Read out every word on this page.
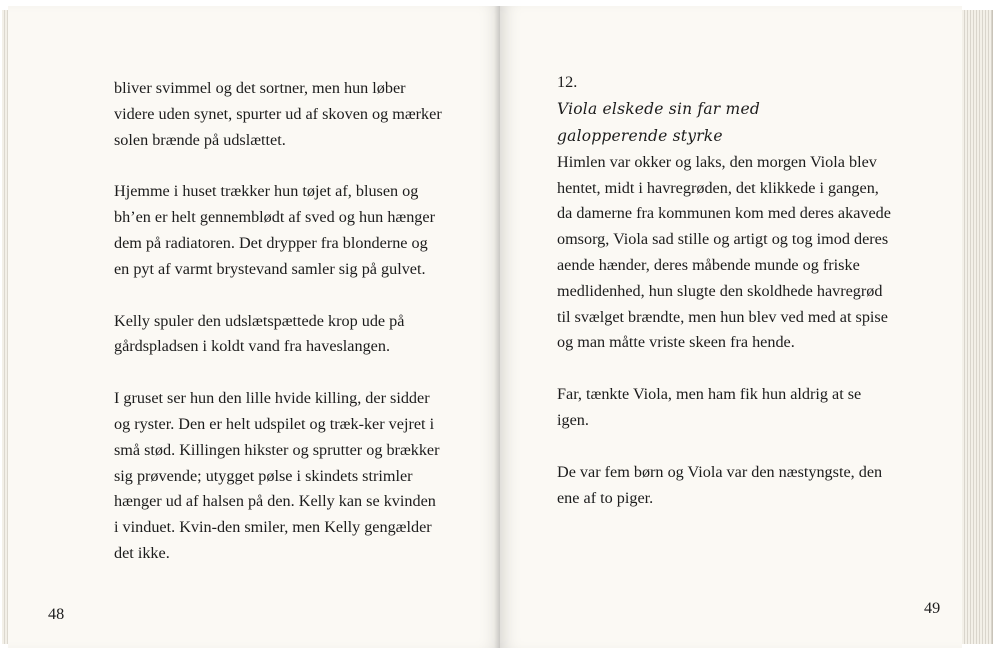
bliver svimmel og det sortner, men hun løber videre uden synet, spurter ud af skoven og mærker solen brænde på udslættet.

Hjemme i huset trækker hun tøjet af, blusen og bh’en er helt gennemblødt af sved og hun hænger dem på radiatoren. Det drypper fra blonderne og en pyt af varmt brystevand samler sig på gulvet.

Kelly spuler den udslætspættede krop ude på gårdspladsen i koldt vand fra haveslangen.

I gruset ser hun den lille hvide killing, der sidder og ryster. Den er helt udspilet og træk-ker vejret i små stød. Killingen hikster og sprutter og brækker sig prøvende; utygget pølse i skindets strimler hænger ud af halsen på den. Kelly kan se kvinden i vinduet. Kvin-den smiler, men Kelly gengælder det ikke.

48

12.

Viola elskede sin far med galopperende styrke

Himlen var okker og laks, den morgen Viola blev hentet, midt i havregrøden, det klikkede i gangen, da damerne fra kommunen kom med deres akavede omsorg, Viola sad stille og artigt og tog imod deres aende hænder, deres måbende munde og friske medlidenhed, hun slugte den skoldhede havregrød til svælget brændte, men hun blev ved med at spise og man måtte vriste skeen fra hende.

Far, tænkte Viola, men ham fik hun aldrig at se igen.

De var fem børn og Viola var den næstyngste, den ene af to piger.

49
